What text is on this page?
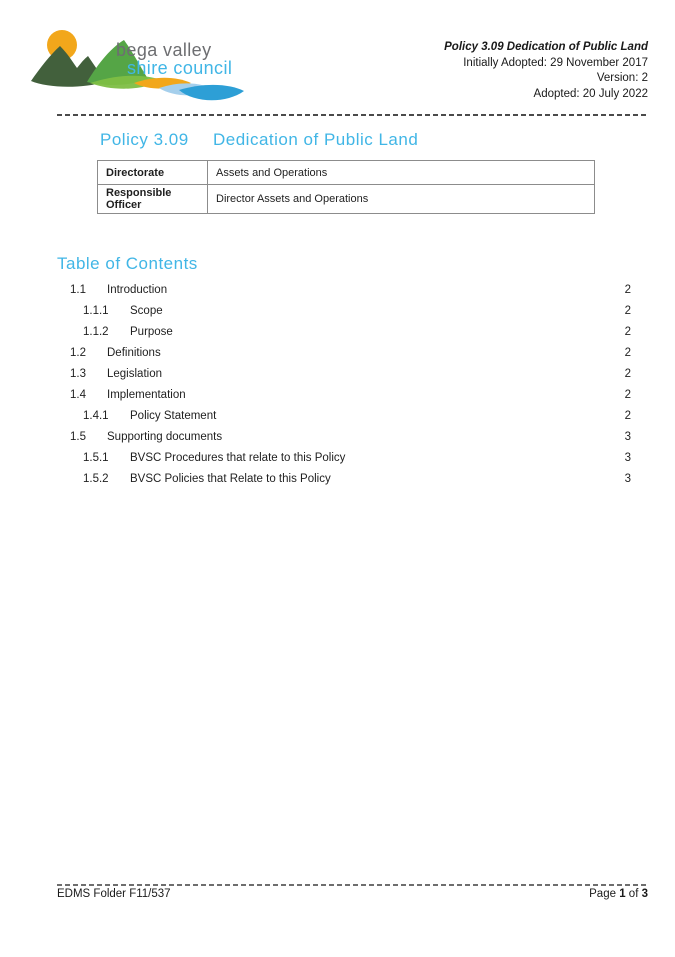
bega valley
shire council
Policy 3.09 Dedication of Public Land
Initially Adopted: 29 November 2017
Version: 2
Adopted: 20 July 2022
Policy 3.09	Dedication of Public Land
Directorate	Assets and Operations
Responsible Officer	Director Assets and Operations
Table of Contents
1.1 Introduction	2
1.1.1 Scope	2
1.1.2 Purpose	2
1.2 Definitions	2
1.3 Legislation	2
1.4 Implementation	2
1.4.1 Policy Statement	2
1.5 Supporting documents	3
1.5.1 BVSC Procedures that relate to this Policy	3
1.5.2 BVSC Policies that Relate to this Policy	3
EDMS Folder F11/537	Page 1 of 3
